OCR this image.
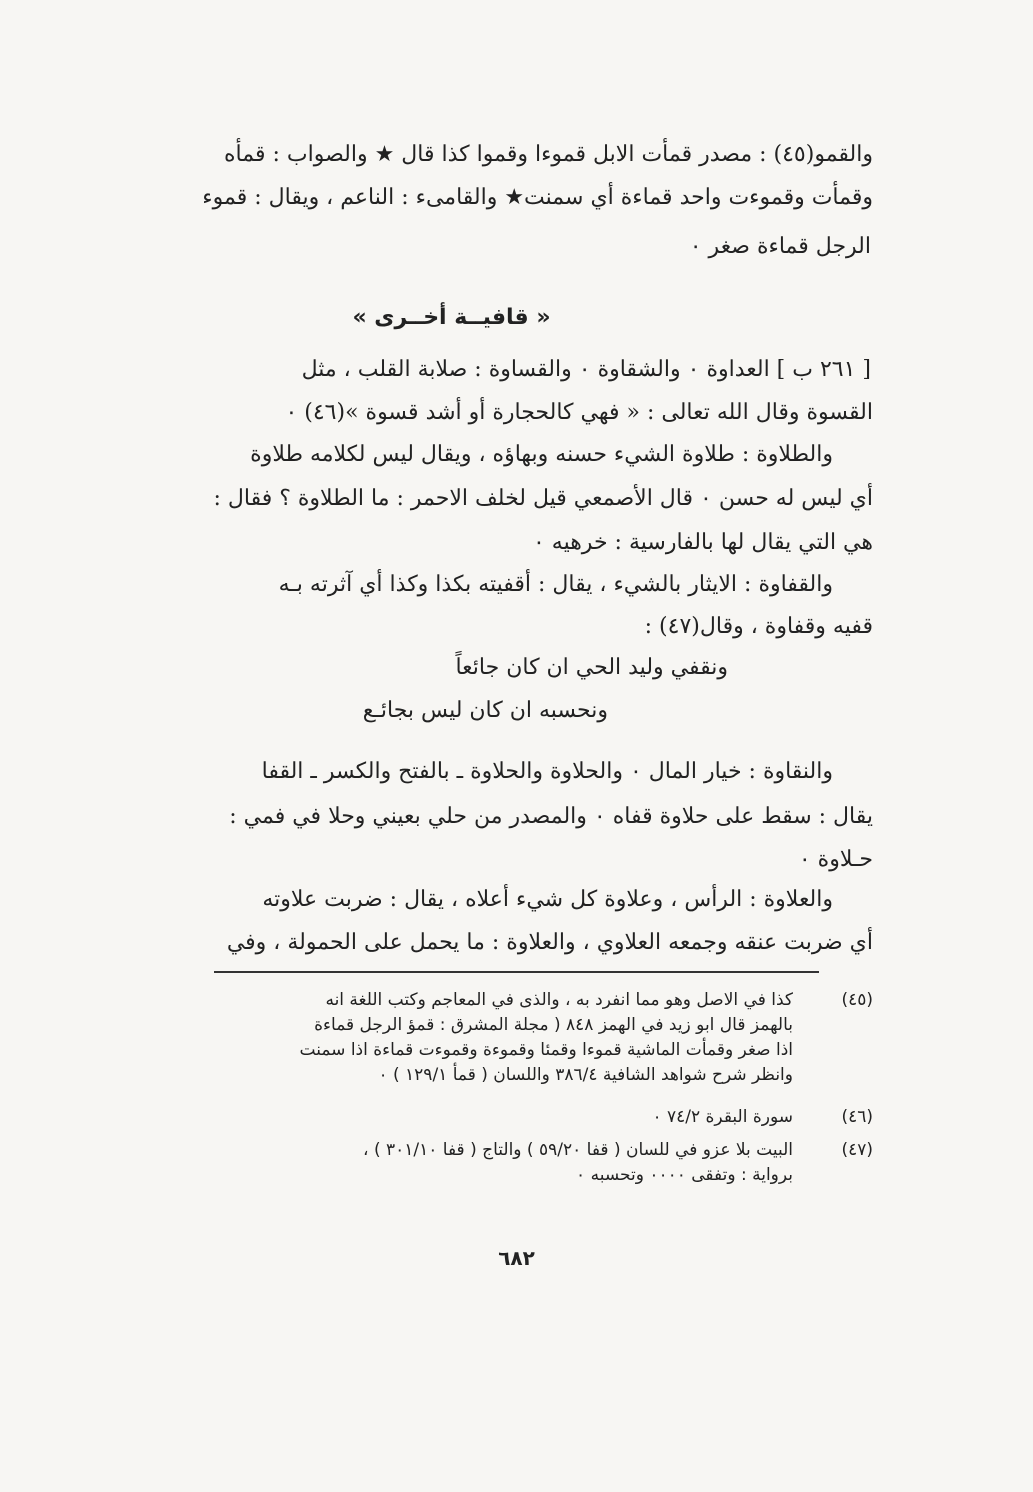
والقمو(٤٥) : مصدر قمأت الابل قموءا وقموا كذا قال ★ والصواب : قمأه
وقمأت وقموءت واحد قماءة أي سمنت★ والقامىء : الناعم ، ويقال : قموء
الرجل قماءة صغر ٠
« قافيــة أخــرى »
[ ٢٦١ ب ] العداوة ٠ والشقاوة ٠ والقساوة : صلابة القلب ، مثل
القسوة وقال الله تعالى : « فهي كالحجارة أو أشد قسوة »(٤٦) ٠
والطلاوة : طلاوة الشيء حسنه وبهاؤه ، ويقال ليس لكلامه طلاوة
أي ليس له حسن ٠ قال الأصمعي قيل لخلف الاحمر : ما الطلاوة ؟ فقال :
هي التي يقال لها بالفارسية : خرهيه ٠
والقفاوة : الايثار بالشيء ، يقال : أقفيته بكذا وكذا أي آثرته بـه
قفيه وقفاوة ، وقال(٤٧) :
ونقفي وليد الحي ان كان جائعاً
ونحسبه ان كان ليس بجائـع
والنقاوة : خيار المال ٠ والحلاوة والحلاوة ـ بالفتح والكسر ـ القفا
يقال : سقط على حلاوة قفاه ٠ والمصدر من حلي بعيني وحلا في فمي :
حـلاوة ٠
والعلاوة : الرأس ، وعلاوة كل شيء أعلاه ، يقال : ضربت علاوته
أي ضربت عنقه وجمعه العلاوي ، والعلاوة : ما يحمل على الحمولة ، وفي
(٤٥)
كذا في الاصل وهو مما انفرد به ، والذى في المعاجم وكتب اللغة انه
بالهمز قال ابو زيد في الهمز ٨٤٨ ( مجلة المشرق : قمؤ الرجل قماءة
اذا صغر وقمأت الماشية قموءا وقمئا وقموءة وقموءت قماءة اذا سمنت
وانظر شرح شواهد الشافية ٣٨٦/٤ واللسان ( قمأ ١٢٩/١ ) ٠
(٤٦)
سورة البقرة ٧٤/٢ ٠
(٤٧)
البيت بلا عزو في للسان ( قفا ٥٩/٢٠ ) والتاج ( قفا ٣٠١/١٠ ) ،
برواية : وتفقى ٠٠٠٠ وتحسبه ٠
٦٨٢
